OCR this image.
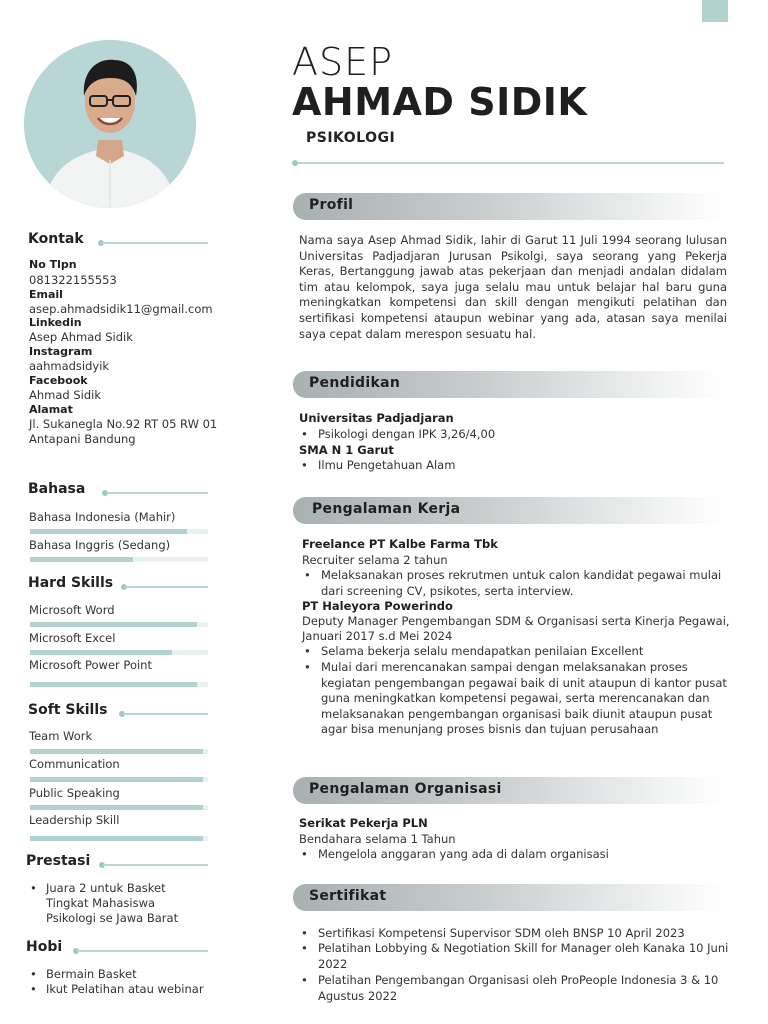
ASEP
AHMAD SIDIK
PSIKOLOGI
Kontak
No Tlpn
081322155553
Email
asep.ahmadsidik11@gmail.com
Linkedin
Asep Ahmad Sidik
Instagram
aahmadsidyik
Facebook
Ahmad Sidik
Alamat
Jl. Sukanegla No.92 RT 05 RW 01
Antapani Bandung
Bahasa
Bahasa Indonesia (Mahir)
Bahasa Inggris (Sedang)
Hard Skills
Microsoft Word
Microsoft Excel
Microsoft Power Point
Soft Skills
Team Work
Communication
Public Speaking
Leadership Skill
Prestasi
• Juara 2 untuk Basket
Tingkat Mahasiswa
Psikologi se Jawa Barat
Hobi
• Bermain Basket
• Ikut Pelatihan atau webinar
Profil
Nama saya Asep Ahmad Sidik, lahir di Garut 11 Juli 1994 seorang lulusan Universitas Padjadjaran Jurusan Psikolgi, saya seorang yang Pekerja Keras, Bertanggung jawab atas pekerjaan dan menjadi andalan didalam tim atau kelompok, saya juga selalu mau untuk belajar hal baru guna meningkatkan kompetensi dan skill dengan mengikuti pelatihan dan sertifikasi kompetensi ataupun webinar yang ada, atasan saya menilai saya cepat dalam merespon sesuatu hal.
Pendidikan
Universitas Padjadjaran
• Psikologi dengan IPK 3,26/4,00
SMA N 1 Garut
• Ilmu Pengetahuan Alam
Pengalaman Kerja
Freelance PT Kalbe Farma Tbk
Recruiter selama 2 tahun
• Melaksanakan proses rekrutmen untuk calon kandidat pegawai mulai
dari screening CV, psikotes, serta interview.
PT Haleyora Powerindo
Deputy Manager Pengembangan SDM & Organisasi serta Kinerja Pegawai,
Januari 2017 s.d Mei 2024
• Selama bekerja selalu mendapatkan penilaian Excellent
• Mulai dari merencanakan sampai dengan melaksanakan proses
kegiatan pengembangan pegawai baik di unit ataupun di kantor pusat
guna meningkatkan kompetensi pegawai, serta merencanakan dan
melaksanakan pengembangan organisasi baik diunit ataupun pusat
agar bisa menunjang proses bisnis dan tujuan perusahaan
Pengalaman Organisasi
Serikat Pekerja PLN
Bendahara selama 1 Tahun
• Mengelola anggaran yang ada di dalam organisasi
Sertifikat
• Sertifikasi Kompetensi Supervisor SDM oleh BNSP 10 April 2023
• Pelatihan Lobbying & Negotiation Skill for Manager oleh Kanaka 10 Juni
2022
• Pelatihan Pengembangan Organisasi oleh ProPeople Indonesia 3 & 10
Agustus 2022
